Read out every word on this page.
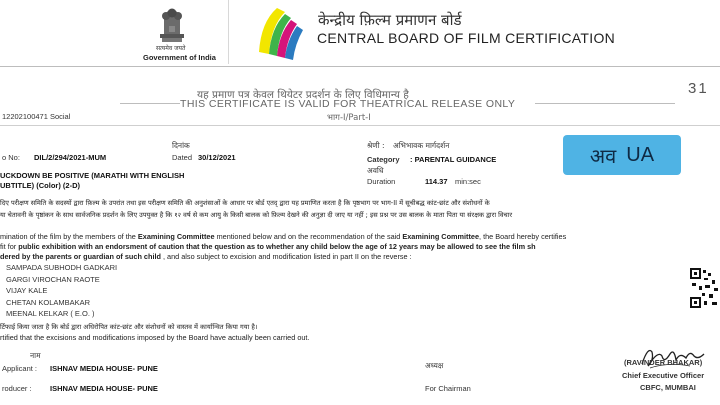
सत्यमेव जयते
Government of India
केन्द्रीय फ़िल्म प्रमाणन बोर्ड
CENTRAL BOARD OF FILM CERTIFICATION
यह प्रमाण पत्र केवल थियेटर प्रदर्शन के लिए विधिमान्य है
THIS CERTIFICATE IS VALID FOR THEATRICAL RELEASE ONLY
भाग-I/Part-I
31
12202100471 Social
दिनांक
o No: DIL/2/294/2021-MUM	Dated 30/12/2021
UCKDOWN BE POSITIVE (MARATHI WITH ENGLISH
UBTITLE) (Color) (2-D)
श्रेणी : अभिभावक मार्गदर्शन
Category : PARENTAL GUIDANCE
अवधि
Duration	114.37 min:sec
अव UA
दिए परीक्षण समिति के सदस्यों द्वारा फ़िल्म के उपरांत तथा इस परीक्षण समिति की अनुशंसाओं के आधार पर बोर्ड एतद् द्वारा यह प्रमाणित करता है कि पृष्ठभाग पर भाग-II में सूचीबद्ध कांट-छांट और संशोधनों के
या चेतावनी के पृष्ठांकन के साथ सार्वजनिक प्रदर्शन के लिए उपयुक्त है कि १२ वर्ष से कम आयु के किसी बालक को फ़िल्म देखने की अनुज्ञा दी जाए या नहीं ; इस प्रश्न पर उस बालक के माता पिता या संरक्षक द्वारा विचार
mination of the film by the members of the Examining Committee mentioned below and on the recommendation of the said Examining Committee, the Board hereby certifies
fit for public exhibition with an endorsment of caution that the question as to whether any child below the age of 12 years may be allowed to see the film sh
dered by the parents or guardian of such child , and also subject to excision and modification listed in part II on the reverse :
SAMPADA SUBHODH GADKARI
GARGI VIROCHAN RAOTE
VIJAY KALE
CHETAN KOLAMBAKAR
MEENAL KELKAR ( E.O. )
र्टिफाई किया जाता है कि बोर्ड द्वारा अधिरोपित कांट-छांट और संशोधनों को वास्तव में कार्यान्वित किया गया है।
rtified that the excisions and modifications imposed by the Board have actually been carried out.
नाम
Applicant : ISHNAV MEDIA HOUSE- PUNE	अध्यक्ष	(RAVINDER BHAKAR)
Chief Executive Officer
CBFC, MUMBAI
roducer : ISHNAV MEDIA HOUSE- PUNE	For Chairman
